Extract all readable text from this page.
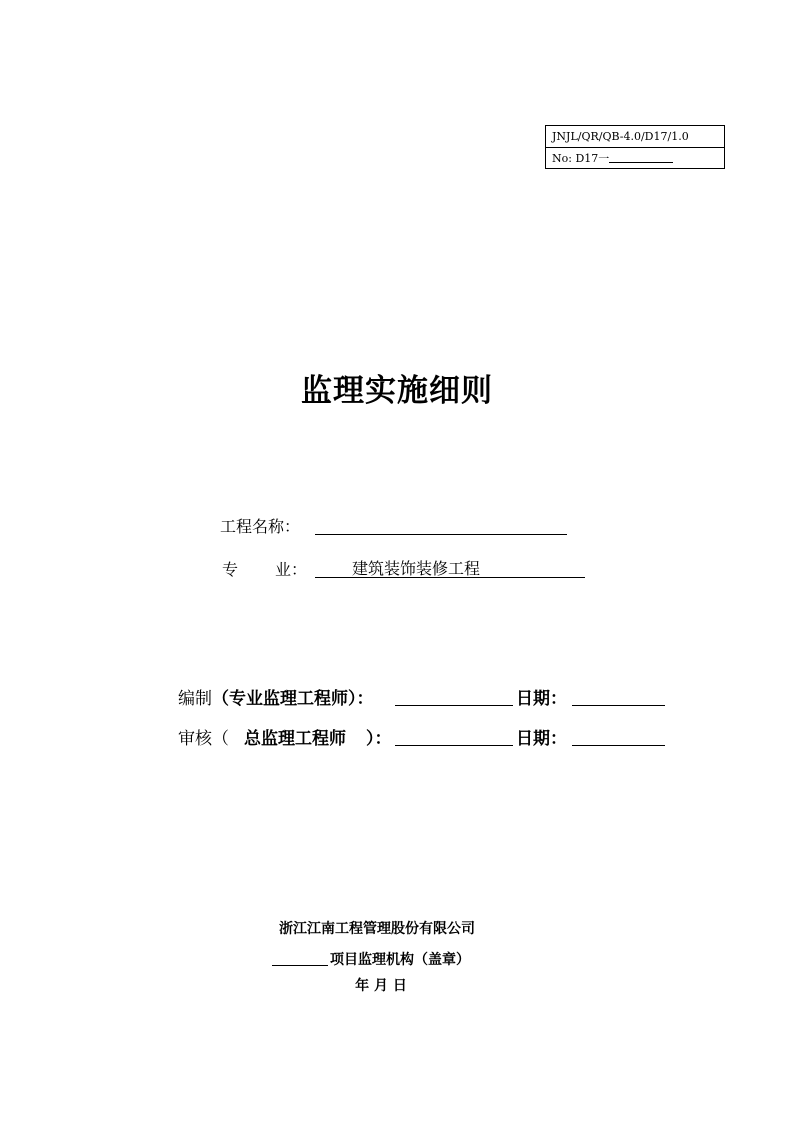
JNJL/QR/QB-4.0/D17/1.0
No: D17一
监理实施细则
工程名称：
专 业：	建筑装饰装修工程
编制（专业监理工程师）：	日期：
审核（ 总监理工程师 ）：	日期：
浙江江南工程管理股份有限公司
项目监理机构（盖章）
年 月 日
